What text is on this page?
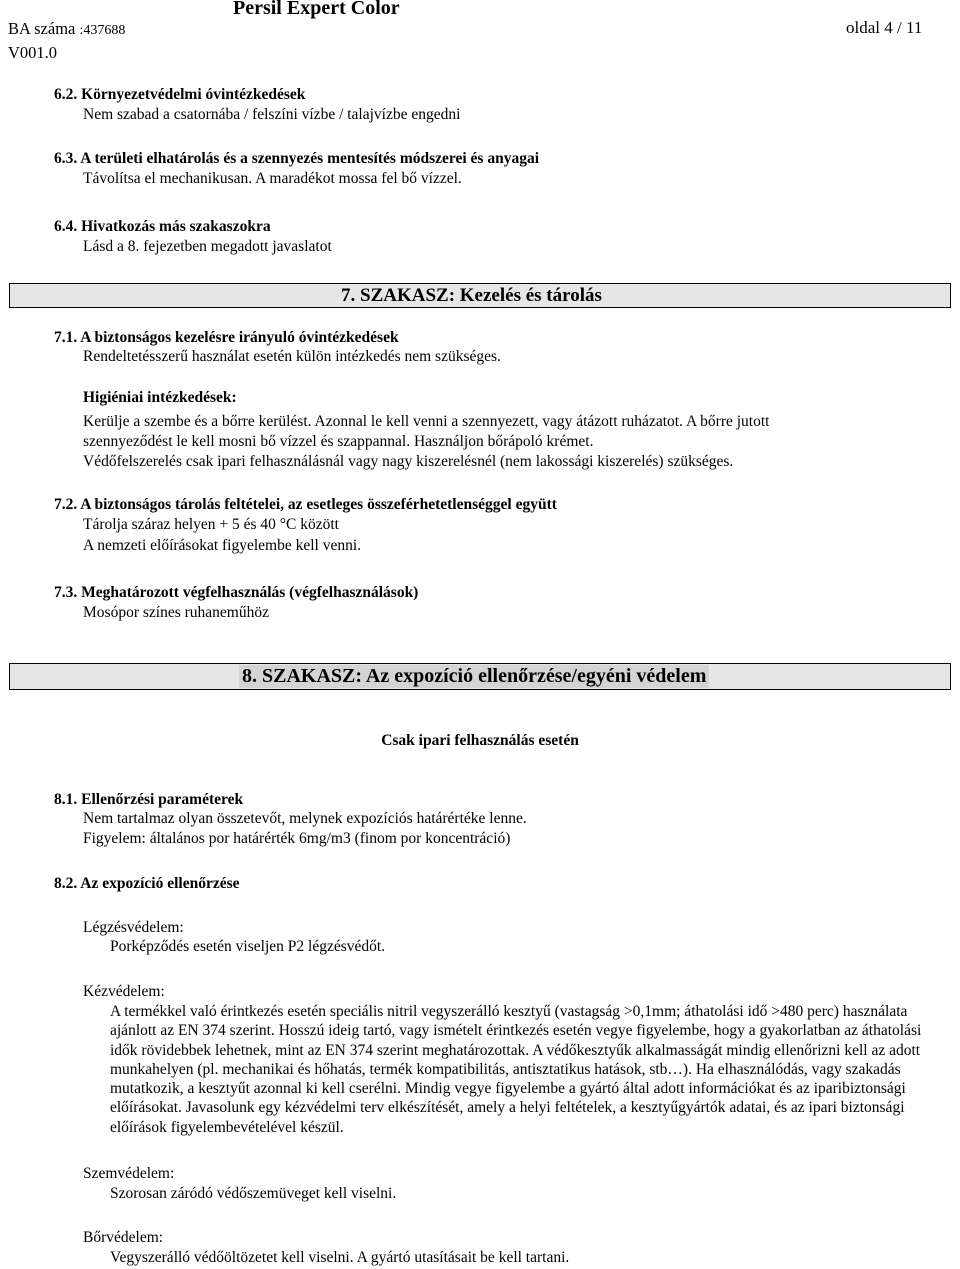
BA száma :437688
V001.0
Persil Expert Color
oldal 4 / 11
6.2. Környezetvédelmi óvintézkedések
Nem szabad a csatornába / felszíni vízbe / talajvízbe engedni
6.3. A területi elhatárolás és a szennyezés mentesítés módszerei és anyagai
Távolítsa el mechanikusan. A maradékot mossa fel bő vízzel.
6.4. Hivatkozás más szakaszokra
Lásd a 8. fejezetben megadott javaslatot
7. SZAKASZ: Kezelés és tárolás
7.1. A biztonságos kezelésre irányuló óvintézkedések
Rendeltetésszerű használat esetén külön intézkedés nem szükséges.
Higiéniai intézkedések:
Kerülje a szembe és a bőrre kerülést. Azonnal le kell venni a szennyezett, vagy átázott ruházatot. A bőrre jutott
szennyeződést le kell mosni bő vízzel és szappannal. Használjon bőrápoló krémet.
Védőfelszerelés csak ipari felhasználásnál vagy nagy kiszerelésnél (nem lakossági kiszerelés) szükséges.
7.2. A biztonságos tárolás feltételei, az esetleges összeférhetetlenséggel együtt
Tárolja száraz helyen + 5 és 40 °C között
A nemzeti előírásokat figyelembe kell venni.
7.3. Meghatározott végfelhasználás (végfelhasználások)
Mosópor színes ruhaneműhöz
8. SZAKASZ: Az expozíció ellenőrzése/egyéni védelem
Csak ipari felhasználás esetén
8.1. Ellenőrzési paraméterek
Nem tartalmaz olyan összetevőt, melynek expozíciós határértéke lenne.
Figyelem: általános por határérték 6mg/m3 (finom por koncentráció)
8.2. Az expozíció ellenőrzése
Légzésvédelem:
Porképződés esetén viseljen P2 légzésvédőt.
Kézvédelem:
A termékkel való érintkezés esetén speciális nitril vegyszerálló kesztyű (vastagság >0,1mm; áthatolási idő >480 perc) használata ajánlott az EN 374 szerint. Hosszú ideig tartó, vagy ismételt érintkezés esetén vegye figyelembe, hogy a gyakorlatban az áthatolási idők rövidebbek lehetnek, mint az EN 374 szerint meghatározottak. A védőkesztyűk alkalmasságát mindig ellenőrizni kell az adott munkahelyen (pl. mechanikai és hőhatás, termék kompatibilitás, antisztatikus hatások, stb…). Ha elhasználódás, vagy szakadás mutatkozik, a kesztyűt azonnal ki kell cserélni. Mindig vegye figyelembe a gyártó által adott információkat és az iparibiztonsági előírásokat. Javasolunk egy kézvédelmi terv elkészítését, amely a helyi feltételek, a kesztyűgyártók adatai, és az ipari biztonsági előírások figyelembevételével készül.
Szemvédelem:
Szorosan záródó védőszemüveget kell viselni.
Bőrvédelem:
Vegyszerálló védőöltözetet kell viselni. A gyártó utasításait be kell tartani.
